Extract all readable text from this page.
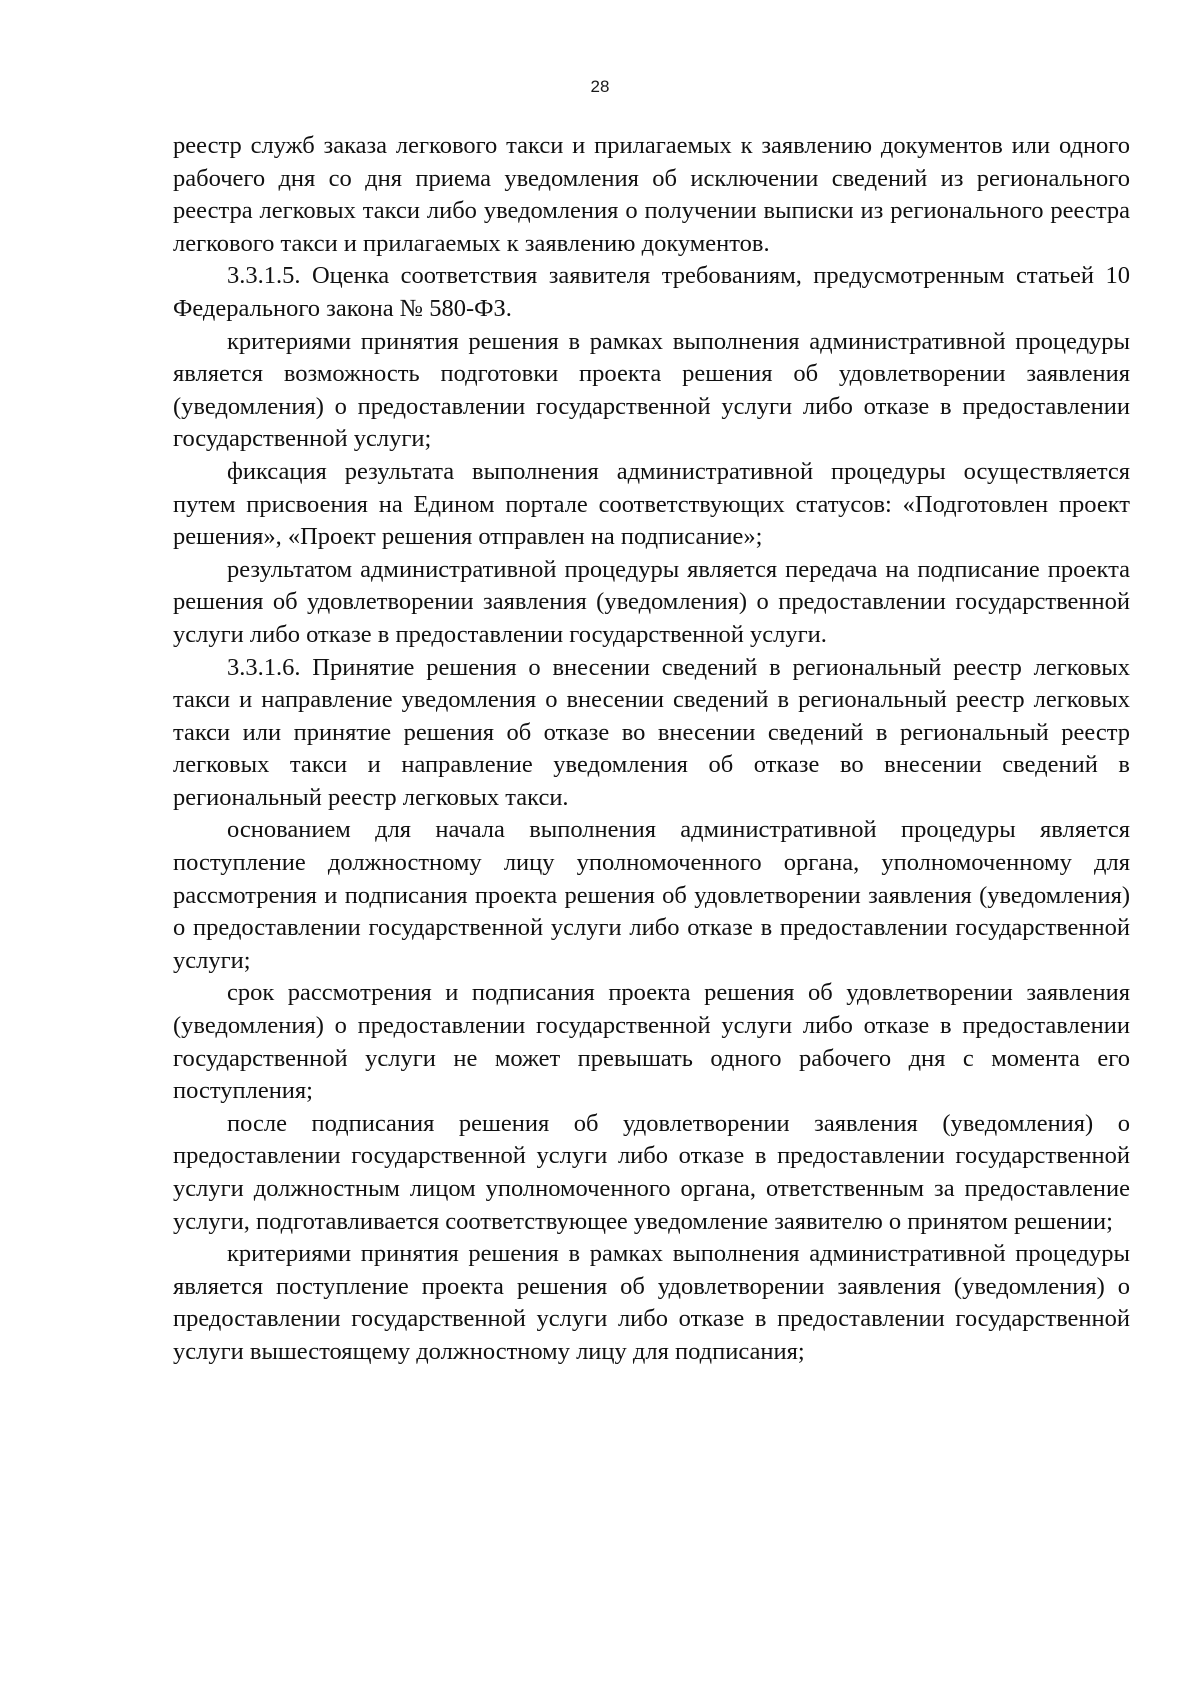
28

реестр служб заказа легкового такси и прилагаемых к заявлению документов или одного рабочего дня со дня приема уведомления об исключении сведений из регионального реестра легковых такси либо уведомления о получении выписки из регионального реестра легкового такси и прилагаемых к заявлению документов.

3.3.1.5. Оценка соответствия заявителя требованиям, предусмотренным статьей 10 Федерального закона № 580-ФЗ.

критериями принятия решения в рамках выполнения административной процедуры является возможность подготовки проекта решения об удовлетворении заявления (уведомления) о предоставлении государственной услуги либо отказе в предоставлении государственной услуги;

фиксация результата выполнения административной процедуры осуществляется путем присвоения на Едином портале соответствующих статусов: «Подготовлен проект решения», «Проект решения отправлен на подписание»;

результатом административной процедуры является передача на подписание проекта решения об удовлетворении заявления (уведомления) о предоставлении государственной услуги либо отказе в предоставлении государственной услуги.

3.3.1.6. Принятие решения о внесении сведений в региональный реестр легковых такси и направление уведомления о внесении сведений в региональный реестр легковых такси или принятие решения об отказе во внесении сведений в региональный реестр легковых такси и направление уведомления об отказе во внесении сведений в региональный реестр легковых такси.

основанием для начала выполнения административной процедуры является поступление должностному лицу уполномоченного органа, уполномоченному для рассмотрения и подписания проекта решения об удовлетворении заявления (уведомления) о предоставлении государственной услуги либо отказе в предоставлении государственной услуги;

срок рассмотрения и подписания проекта решения об удовлетворении заявления (уведомления) о предоставлении государственной услуги либо отказе в предоставлении государственной услуги не может превышать одного рабочего дня с момента его поступления;

после подписания решения об удовлетворении заявления (уведомления) о предоставлении государственной услуги либо отказе в предоставлении государственной услуги должностным лицом уполномоченного органа, ответственным за предоставление услуги, подготавливается соответствующее уведомление заявителю о принятом решении;

критериями принятия решения в рамках выполнения административной процедуры является поступление проекта решения об удовлетворении заявления (уведомления) о предоставлении государственной услуги либо отказе в предоставлении государственной услуги вышестоящему должностному лицу для подписания;
